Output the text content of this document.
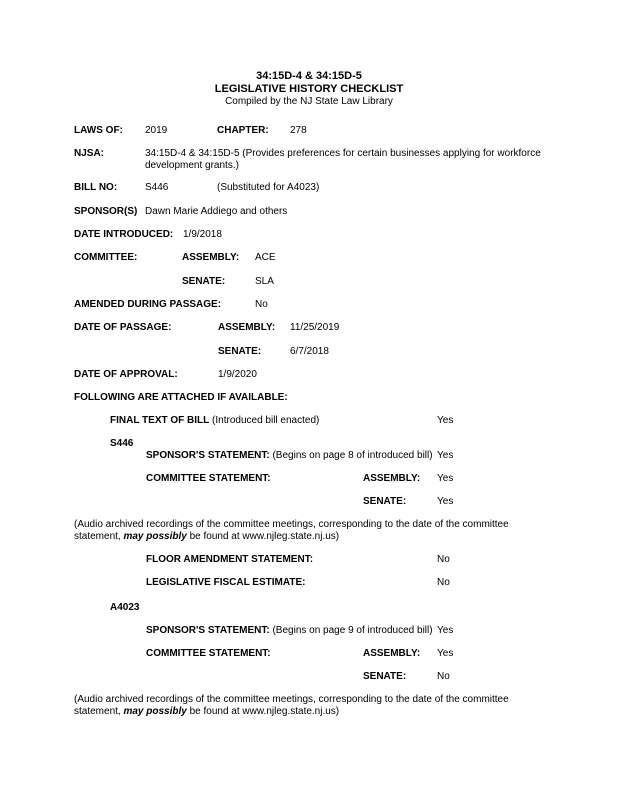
34:15D-4 & 34:15D-5
LEGISLATIVE HISTORY CHECKLIST
Compiled by the NJ State Law Library
LAWS OF: 2019	CHAPTER: 278
NJSA:	34:15D-4 & 34:15D-5 (Provides preferences for certain businesses applying for workforce
development grants.)
BILL NO:	S446	(Substituted for A4023)
SPONSOR(S) Dawn Marie Addiego and others
DATE INTRODUCED: 1/9/2018
COMMITTEE:	ASSEMBLY: ACE
SENATE:	SLA
AMENDED DURING PASSAGE:	No
DATE OF PASSAGE:	ASSEMBLY: 11/25/2019
SENATE:	6/7/2018
DATE OF APPROVAL:	1/9/2020
FOLLOWING ARE ATTACHED IF AVAILABLE:
FINAL TEXT OF BILL (Introduced bill enacted)	Yes
S446
SPONSOR'S STATEMENT: (Begins on page 8 of introduced bill) Yes
COMMITTEE STATEMENT:	ASSEMBLY: Yes
SENATE:	Yes
(Audio archived recordings of the committee meetings, corresponding to the date of the committee
statement, may possibly be found at www.njleg.state.nj.us)
FLOOR AMENDMENT STATEMENT:	No
LEGISLATIVE FISCAL ESTIMATE:	No
A4023
SPONSOR'S STATEMENT: (Begins on page 9 of introduced bill) Yes
COMMITTEE STATEMENT:	ASSEMBLY: Yes
SENATE:	No
(Audio archived recordings of the committee meetings, corresponding to the date of the committee
statement, may possibly be found at www.njleg.state.nj.us)
